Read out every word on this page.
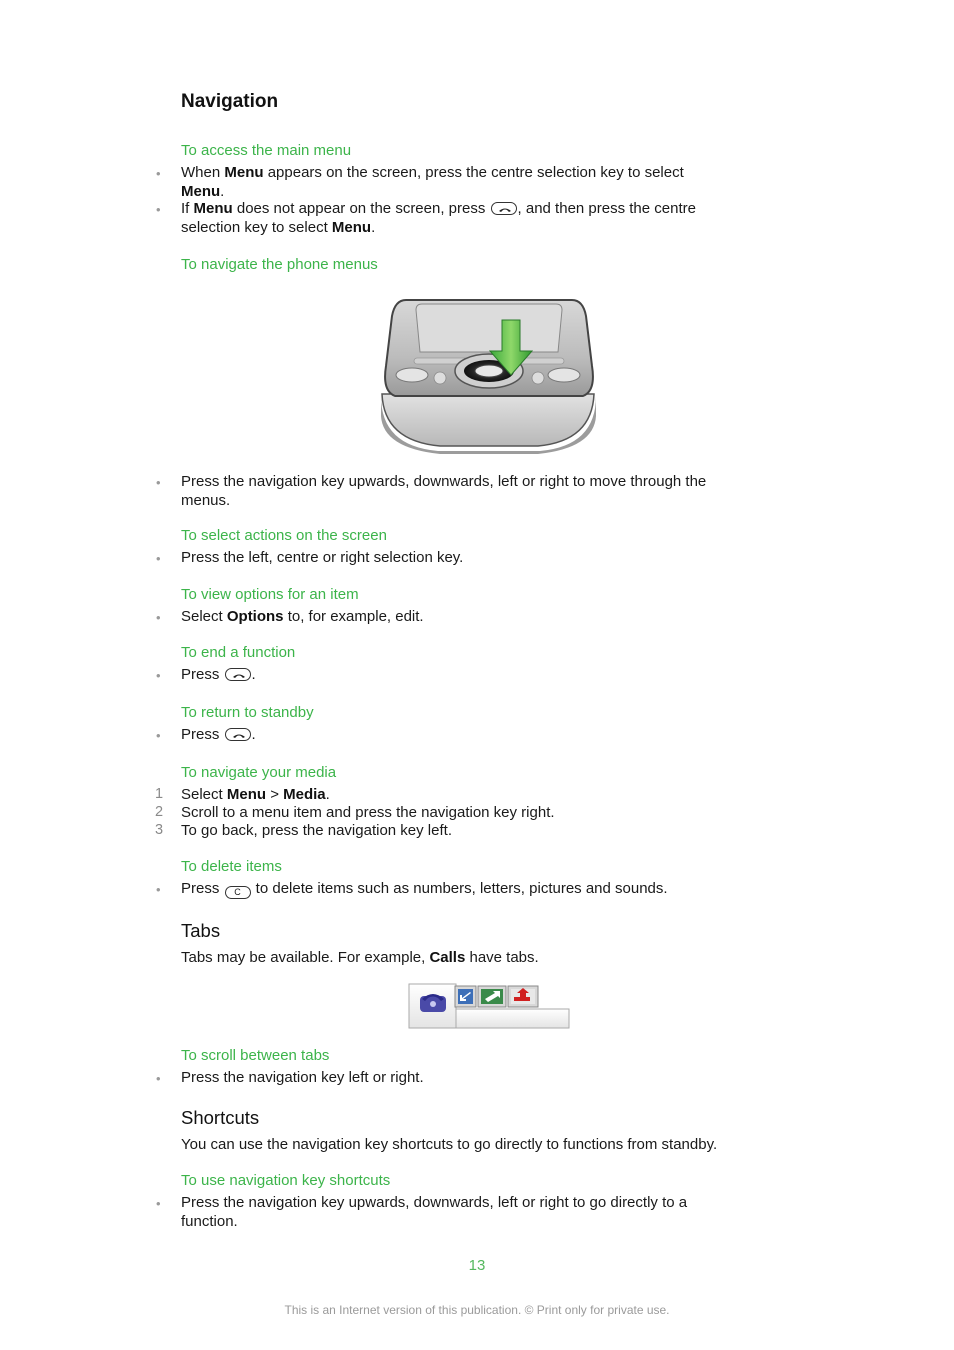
Navigation
To access the main menu
• When Menu appears on the screen, press the centre selection key to select
Menu.
• If Menu does not appear on the screen, press
, and then press the centre
selection key to select Menu.
To navigate the phone menus
• Press the navigation key upwards, downwards, left or right to move through the
menus.
To select actions on the screen
• Press the left, centre or right selection key.
To view options for an item
• Select Options to, for example, edit.
To end a function
• Press
.
To return to standby
• Press
.
To navigate your media
1 Select Menu > Media.
2 Scroll to a menu item and press the navigation key right.
3 To go back, press the navigation key left.
To delete items
• Press C to delete items such as numbers, letters, pictures and sounds.
Tabs
Tabs may be available. For example, Calls have tabs.
To scroll between tabs
• Press the navigation key left or right.
Shortcuts
You can use the navigation key shortcuts to go directly to functions from standby.
To use navigation key shortcuts
• Press the navigation key upwards, downwards, left or right to go directly to a
function.
13
This is an Internet version of this publication. © Print only for private use.
